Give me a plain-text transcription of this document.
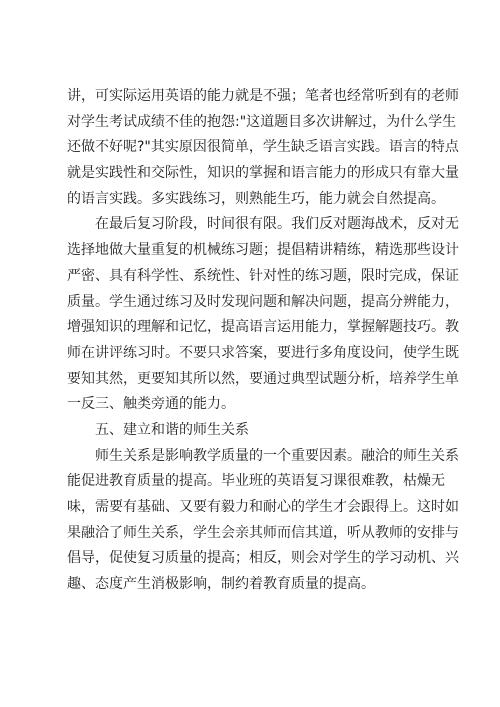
讲，可实际运用英语的能力就是不强；笔者也经常听到有的老师
对学生考试成绩不佳的抱怨:"这道题目多次讲解过，为什么学生
还做不好呢?"其实原因很简单，学生缺乏语言实践。语言的特点
就是实践性和交际性，知识的掌握和语言能力的形成只有靠大量
的语言实践。多实践练习，则熟能生巧，能力就会自然提高。
在最后复习阶段，时间很有限。我们反对题海战术，反对无
选择地做大量重复的机械练习题；提倡精讲精练，精选那些设计
严密、具有科学性、系统性、针对性的练习题，限时完成，保证
质量。学生通过练习及时发现问题和解决问题，提高分辨能力，
增强知识的理解和记忆，提高语言运用能力，掌握解题技巧。教
师在讲评练习时。不要只求答案，要进行多角度设问，使学生既
要知其然，更要知其所以然，要通过典型试题分析，培养学生单
一反三、触类旁通的能力。
五、建立和谐的师生关系
师生关系是影响教学质量的一个重要因素。融洽的师生关系
能促进教育质量的提高。毕业班的英语复习课很难教，枯燥无
味，需要有基础、又要有毅力和耐心的学生才会跟得上。这时如
果融洽了师生关系，学生会亲其师而信其道，听从教师的安排与
倡导，促使复习质量的提高；相反，则会对学生的学习动机、兴
趣、态度产生消极影响，制约着教育质量的提高。
